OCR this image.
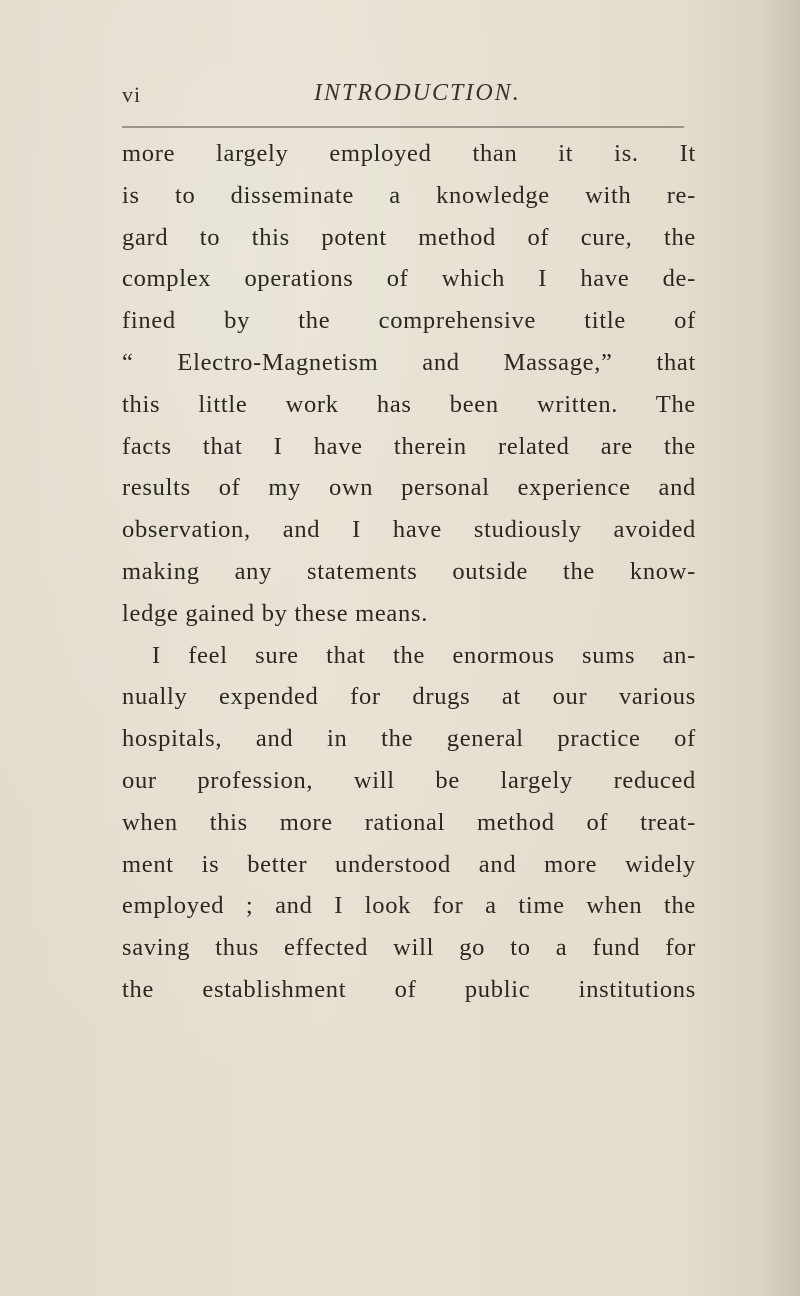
vi	INTRODUCTION.
more largely employed than it is. It
is to disseminate a knowledge with re-
gard to this potent method of cure, the
complex operations of which I have de-
fined by the comprehensive title of
“ Electro-Magnetism and Massage,” that
this little work has been written. The
facts that I have therein related are the
results of my own personal experience and
observation, and I have studiously avoided
making any statements outside the know-
ledge gained by these means.
I feel sure that the enormous sums an-
nually expended for drugs at our various
hospitals, and in the general practice of
our profession, will be largely reduced
when this more rational method of treat-
ment is better understood and more widely
employed ; and I look for a time when the
saving thus effected will go to a fund for
the establishment of public institutions
